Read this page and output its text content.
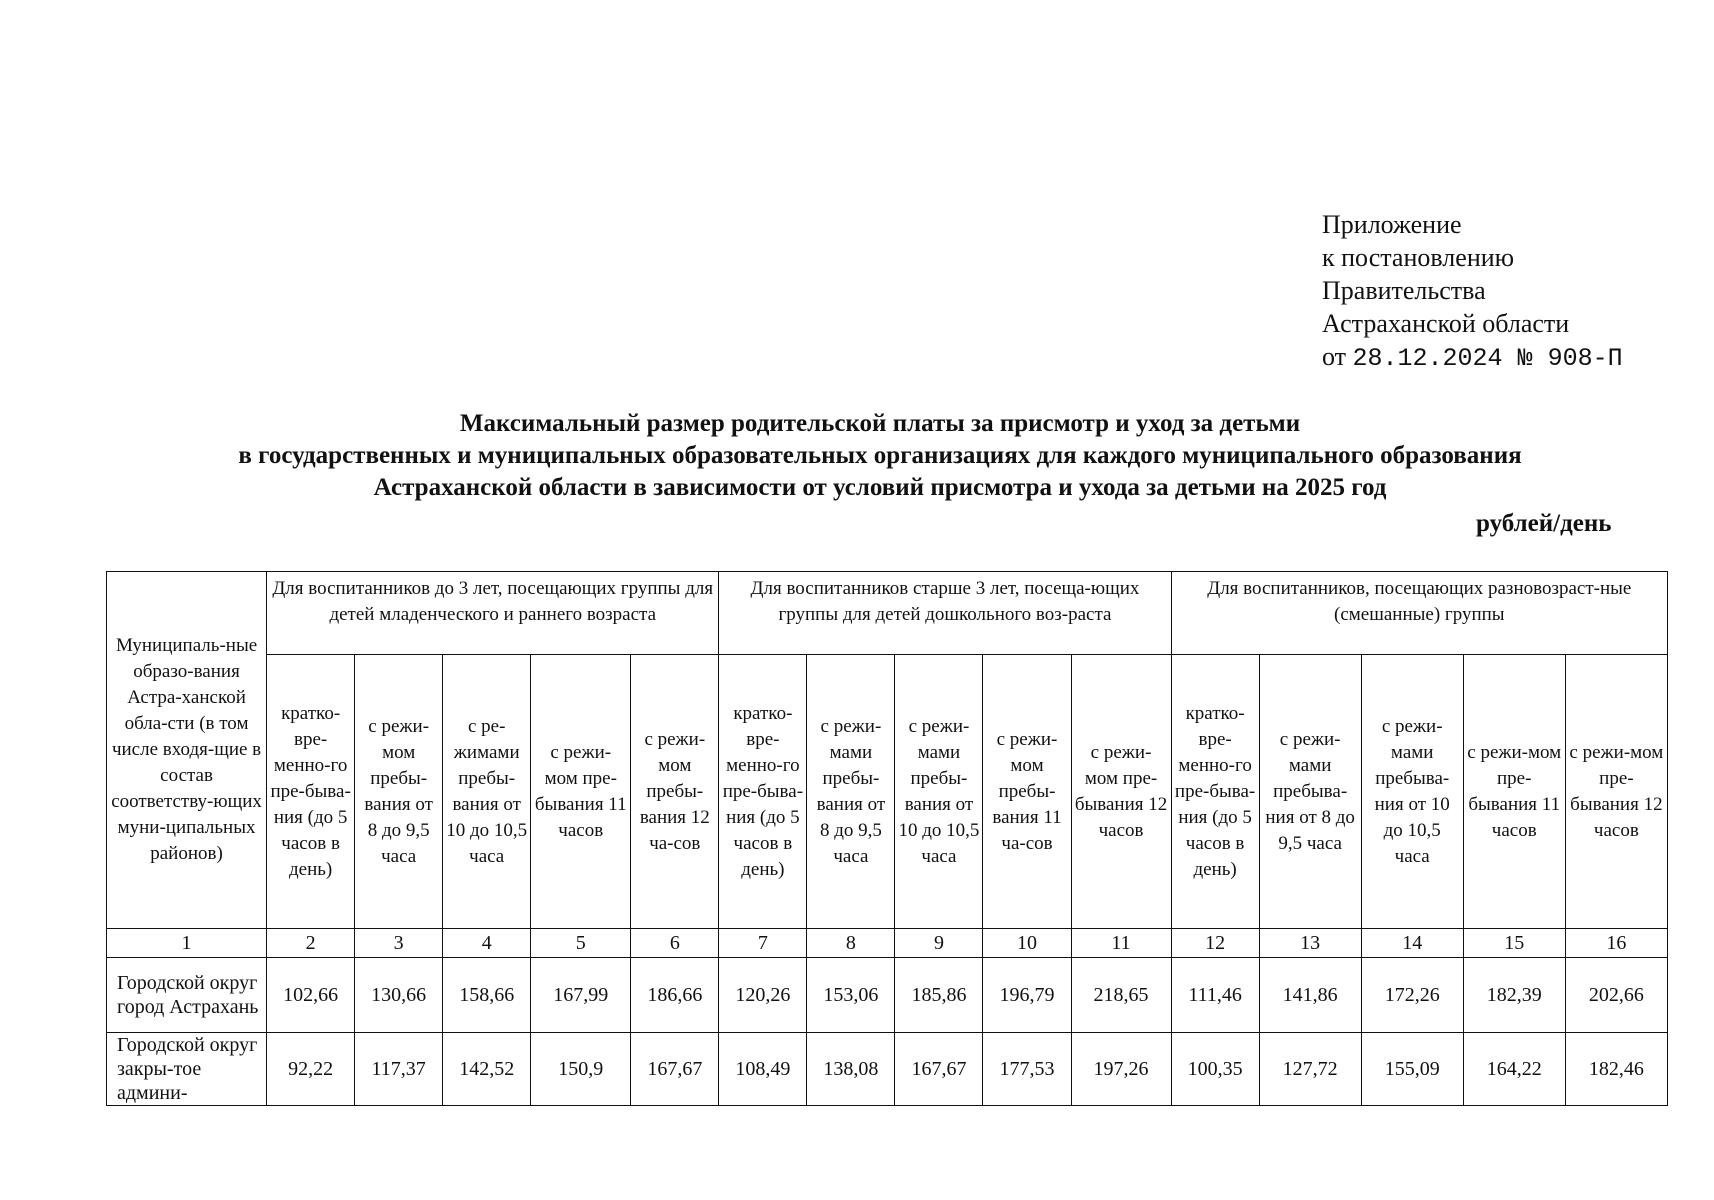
Приложение
к постановлению
Правительства
Астраханской области
от 28.12.2024 № 908-П
Максимальный размер родительской платы за присмотр и уход за детьми
в государственных и муниципальных образовательных организациях для каждого муниципального образования
Астраханской области в зависимости от условий присмотра и ухода за детьми на 2025 год
рублей/день
Муниципаль-ные образо-вания Астра-ханской обла-сти (в том числе входя-щие в состав соответству-ющих муни-ципальных районов)	Для воспитанников до 3 лет, посещающих группы для детей младенческого и раннего возраста					Для воспитанников старше 3 лет, посеща-ющих группы для детей дошкольного воз-раста					Для воспитанников, посещающих разновозраст-ные (смешанные) группы				
	кратко-вре-менно-го пре-быва-ния (до 5 часов в день)	с режи-мом пребы-вания от 8 до 9,5 часа	с ре-жимами пребы-вания от 10 до 10,5 часа	с режи-мом пре-бывания 11 часов	с режи-мом пребы-вания 12 ча-сов	кратко-вре-менно-го пре-быва-ния (до 5 часов в день)	с режи-мами пребы-вания от 8 до 9,5 часа	с режи-мами пребы-вания от 10 до 10,5 часа	с режи-мом пребы-вания 11 ча-сов	с режи-мом пре-бывания 12 часов	кратко-вре-менно-го пре-быва-ния (до 5 часов в день)	с режи-мами пребыва-ния от 8 до 9,5 часа	с режи-мами пребыва-ния от 10 до 10,5 часа	с режи-мом пре-бывания 11 часов	с режи-мом пре-бывания 12 часов
1	2	3	4	5	6	7	8	9	10	11	12	13	14	15	16
Городской округ город Астрахань	102,66	130,66	158,66	167,99	186,66	120,26	153,06	185,86	196,79	218,65	111,46	141,86	172,26	182,39	202,66
Городской округ закры-тое админи-	92,22	117,37	142,52	150,9	167,67	108,49	138,08	167,67	177,53	197,26	100,35	127,72	155,09	164,22	182,46
